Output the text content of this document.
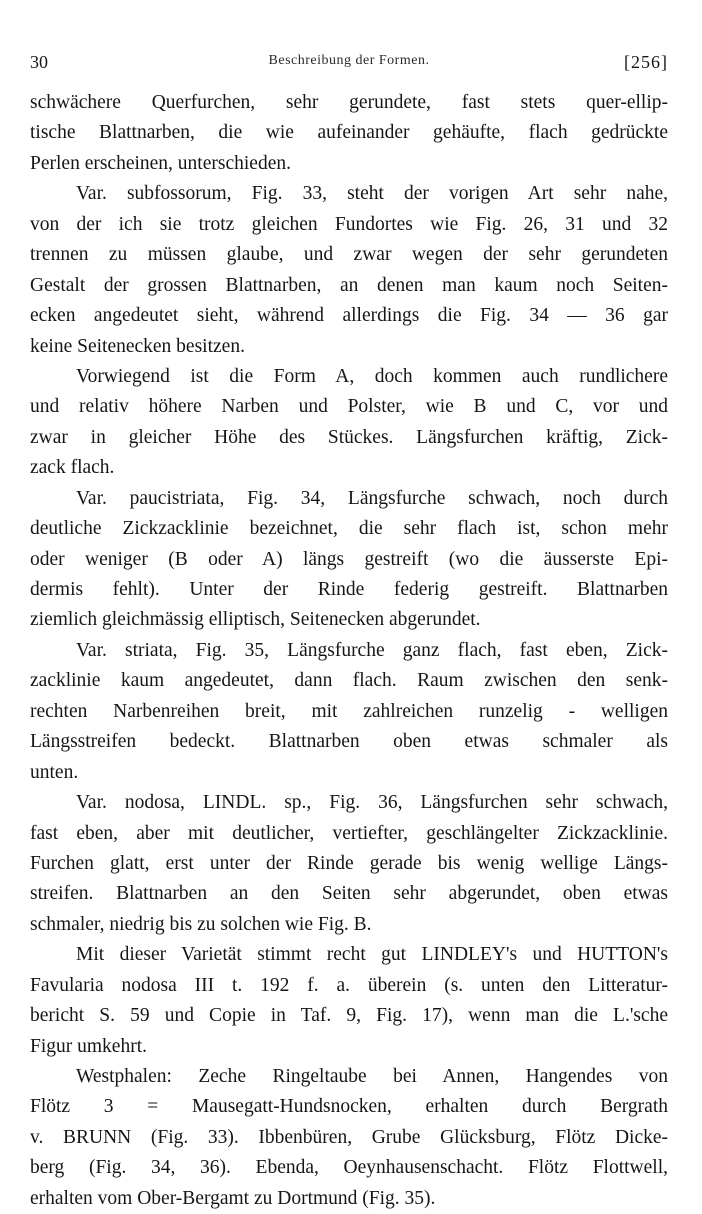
30	Beschreibung der Formen.	[256]
schwächere Querfurchen, sehr gerundete, fast stets quer-ellip-
tische Blattnarben, die wie aufeinander gehäufte, flach gedrückte
Perlen erscheinen, unterschieden.
Var. subfossorum, Fig. 33, steht der vorigen Art sehr nahe,
von der ich sie trotz gleichen Fundortes wie Fig. 26, 31 und 32
trennen zu müssen glaube, und zwar wegen der sehr gerundeten
Gestalt der grossen Blattnarben, an denen man kaum noch Seiten-
ecken angedeutet sieht, während allerdings die Fig. 34 — 36 gar
keine Seitenecken besitzen.
Vorwiegend ist die Form A, doch kommen auch rundlichere
und relativ höhere Narben und Polster, wie B und C, vor und
zwar in gleicher Höhe des Stückes. Längsfurchen kräftig, Zick-
zack flach.
Var. paucistriata, Fig. 34, Längsfurche schwach, noch durch
deutliche Zickzacklinie bezeichnet, die sehr flach ist, schon mehr
oder weniger (B oder A) längs gestreift (wo die äusserste Epi-
dermis fehlt). Unter der Rinde federig gestreift. Blattnarben
ziemlich gleichmässig elliptisch, Seitenecken abgerundet.
Var. striata, Fig. 35, Längsfurche ganz flach, fast eben, Zick-
zacklinie kaum angedeutet, dann flach. Raum zwischen den senk-
rechten Narbenreihen breit, mit zahlreichen runzelig - welligen
Längsstreifen bedeckt. Blattnarben oben etwas schmaler als
unten.
Var. nodosa, LINDL. sp., Fig. 36, Längsfurchen sehr schwach,
fast eben, aber mit deutlicher, vertiefter, geschlängelter Zickzacklinie.
Furchen glatt, erst unter der Rinde gerade bis wenig wellige Längs-
streifen. Blattnarben an den Seiten sehr abgerundet, oben etwas
schmaler, niedrig bis zu solchen wie Fig. B.
Mit dieser Varietät stimmt recht gut LINDLEY's und HUTTON's
Favularia nodosa III t. 192 f. a. überein (s. unten den Litteratur-
bericht S. 59 und Copie in Taf. 9, Fig. 17), wenn man die L.'sche
Figur umkehrt.
Westphalen: Zeche Ringeltaube bei Annen, Hangendes von
Flötz 3 = Mausegatt-Hundsnocken, erhalten durch Bergrath
v. BRUNN (Fig. 33). Ibbenbüren, Grube Glücksburg, Flötz Dicke-
berg (Fig. 34, 36). Ebenda, Oeynhausenschacht. Flötz Flottwell,
erhalten vom Ober-Bergamt zu Dortmund (Fig. 35).
